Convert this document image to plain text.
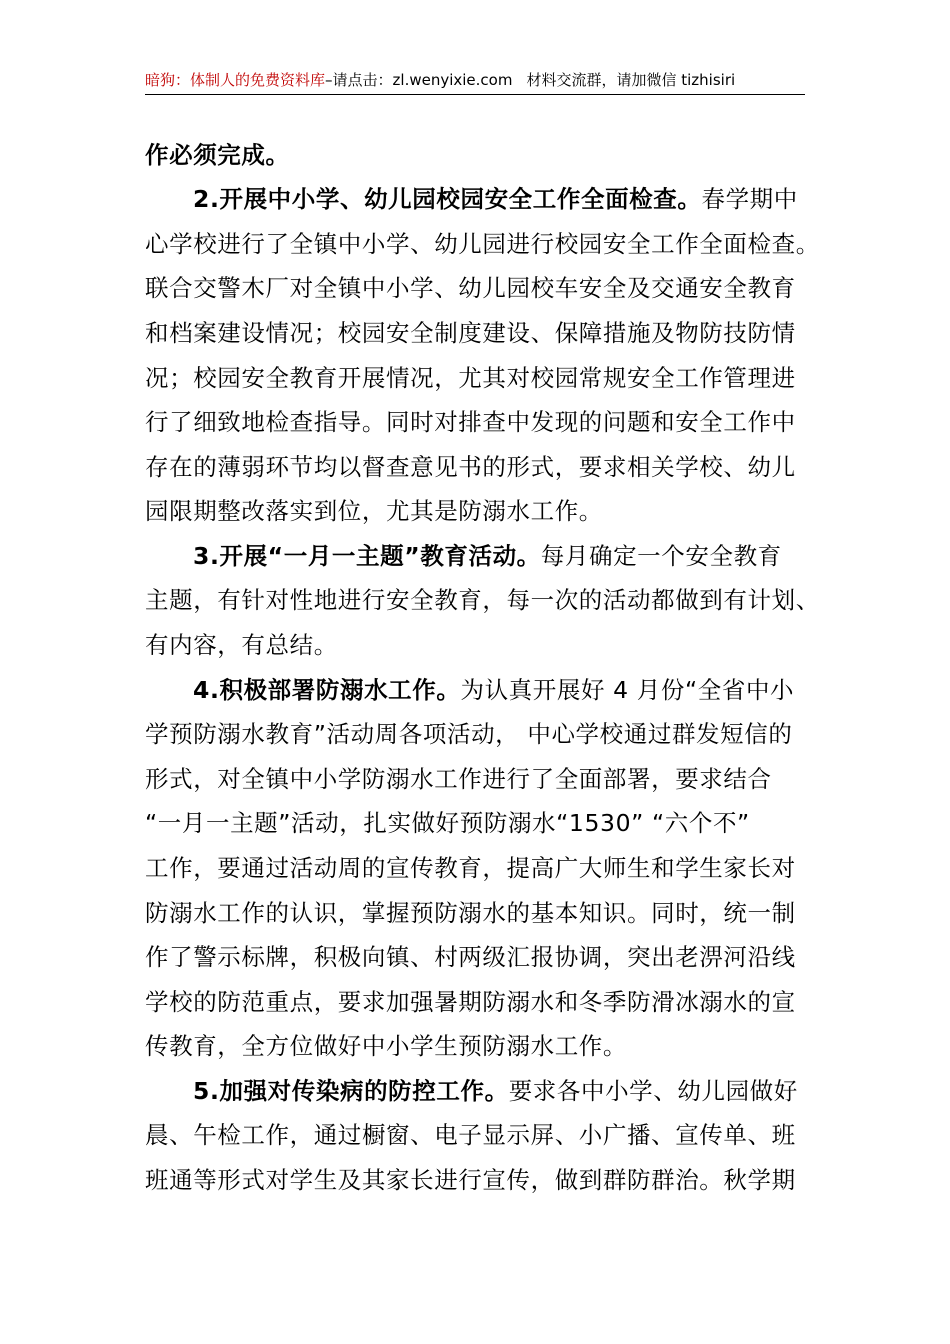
暗狗：体制人的免费资料库–请点击：zl.wenyixie.com 材料交流群，请加微信 tizhisiri
作必须完成。
2.开展中小学、幼儿园校园安全工作全面检查。春学期中
心学校进行了全镇中小学、幼儿园进行校园安全工作全面检查。
联合交警木厂对全镇中小学、幼儿园校车安全及交通安全教育
和档案建设情况；校园安全制度建设、保障措施及物防技防情
况；校园安全教育开展情况，尤其对校园常规安全工作管理进
行了细致地检查指导。同时对排查中发现的问题和安全工作中
存在的薄弱环节均以督查意见书的形式，要求相关学校、幼儿
园限期整改落实到位，尤其是防溺水工作。
3.开展“一月一主题”教育活动。每月确定一个安全教育
主题，有针对性地进行安全教育，每一次的活动都做到有计划、
有内容，有总结。
4.积极部署防溺水工作。为认真开展好 4 月份“全省中小
学预防溺水教育”活动周各项活动， 中心学校通过群发短信的
形式，对全镇中小学防溺水工作进行了全面部署，要求结合
“一月一主题”活动，扎实做好预防溺水“1530” “六个不”
工作，要通过活动周的宣传教育，提高广大师生和学生家长对
防溺水工作的认识，掌握预防溺水的基本知识。同时，统一制
作了警示标牌，积极向镇、村两级汇报协调，突出老淠河沿线
学校的防范重点，要求加强暑期防溺水和冬季防滑冰溺水的宣
传教育，全方位做好中小学生预防溺水工作。
5.加强对传染病的防控工作。要求各中小学、幼儿园做好
晨、午检工作，通过橱窗、电子显示屏、小广播、宣传单、班
班通等形式对学生及其家长进行宣传，做到群防群治。秋学期
